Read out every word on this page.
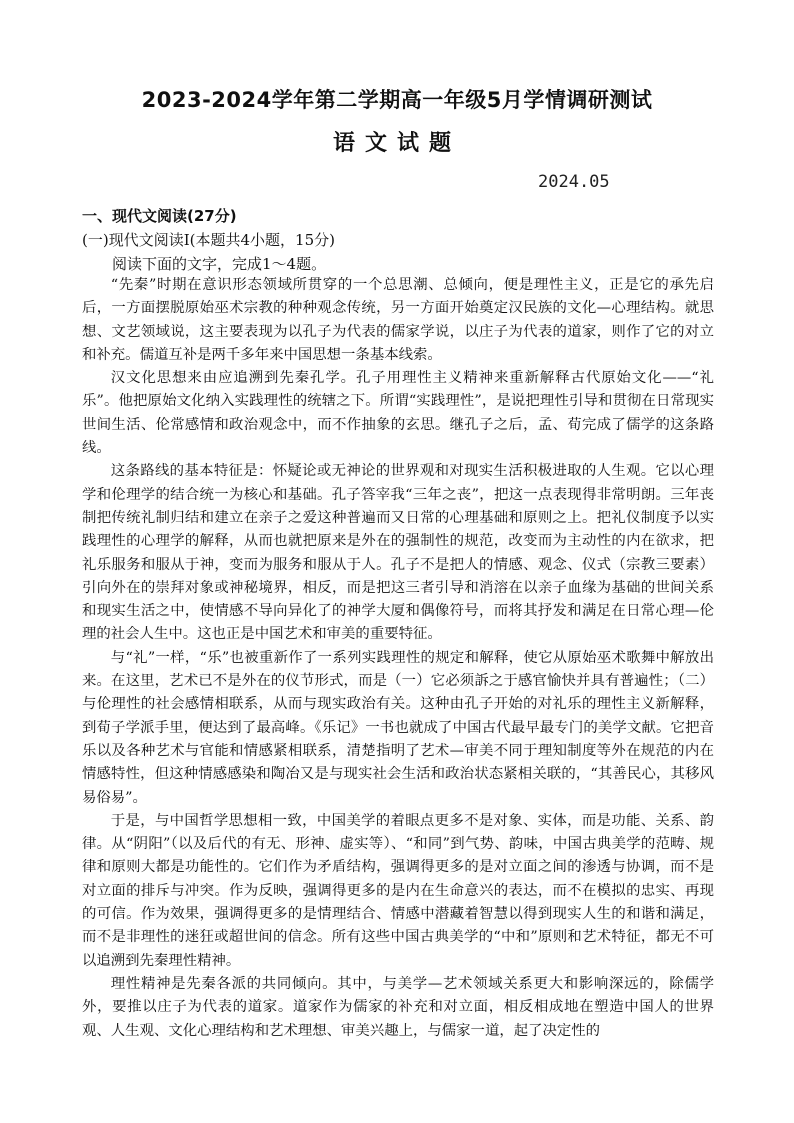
2023-2024学年第二学期高一年级5月学情调研测试
语文试题
2024.05
一、现代文阅读(27分)
(一)现代文阅读Ⅰ(本题共4小题，15分)
阅读下面的文字，完成1～4题。

“先秦”时期在意识形态领域所贯穿的一个总思潮、总倾向，便是理性主义，正是它的承先启后，一方面摆脱原始巫术宗教的种种观念传统，另一方面开始奠定汉民族的文化—心理结构。就思想、文艺领域说，这主要表现为以孔子为代表的儒家学说，以庄子为代表的道家，则作了它的对立和补充。儒道互补是两千多年来中国思想一条基本线索。

汉文化思想来由应追溯到先秦孔学。孔子用理性主义精神来重新解释古代原始文化——“礼乐”。他把原始文化纳入实践理性的统辖之下。所谓“实践理性”，是说把理性引导和贯彻在日常现实世间生活、伦常感情和政治观念中，而不作抽象的玄思。继孔子之后，孟、荀完成了儒学的这条路线。

这条路线的基本特征是：怀疑论或无神论的世界观和对现实生活积极进取的人生观。它以心理学和伦理学的结合统一为核心和基础。孔子答宰我“三年之丧”，把这一点表现得非常明朗。三年丧制把传统礼制归结和建立在亲子之爱这种普遍而又日常的心理基础和原则之上。把礼仪制度予以实践理性的心理学的解释，从而也就把原来是外在的强制性的规范，改变而为主动性的内在欲求，把礼乐服务和服从于神，变而为服务和服从于人。孔子不是把人的情感、观念、仪式（宗教三要素）引向外在的崇拜对象或神秘境界，相反，而是把这三者引导和消溶在以亲子血缘为基础的世间关系和现实生活之中，使情感不导向异化了的神学大厦和偶像符号，而将其抒发和满足在日常心理—伦理的社会人生中。这也正是中国艺术和审美的重要特征。

与“礼”一样，“乐”也被重新作了一系列实践理性的规定和解释，使它从原始巫术歌舞中解放出来。在这里，艺术已不是外在的仪节形式，而是（一）它必须訴之于感官愉快并具有普遍性；（二）与伦理性的社会感情相联系，从而与现实政治有关。这种由孔子开始的对礼乐的理性主义新解释，到荀子学派手里，便达到了最高峰。《乐记》一书也就成了中国古代最早最专门的美学文献。它把音乐以及各种艺术与官能和情感紧相联系，清楚指明了艺术—审美不同于理知制度等外在规范的内在情感特性，但这种情感感染和陶冶又是与现实社会生活和政治状态紧相关联的，“其善民心，其移风易俗易”。

于是，与中国哲学思想相一致，中国美学的着眼点更多不是对象、实体，而是功能、关系、韵律。从“阴阳”（以及后代的有无、形神、虚实等）、“和同”到气势、韵味，中国古典美学的范畴、规律和原则大都是功能性的。它们作为矛盾结构，强调得更多的是对立面之间的渗透与协调，而不是对立面的排斥与冲突。作为反映，强调得更多的是内在生命意兴的表达，而不在模拟的忠实、再现的可信。作为效果，强调得更多的是情理结合、情感中潜藏着智慧以得到现实人生的和谐和满足，而不是非理性的迷狂或超世间的信念。所有这些中国古典美学的“中和”原则和艺术特征，都无不可以追溯到先秦理性精神。

理性精神是先秦各派的共同倾向。其中，与美学—艺术领域关系更大和影响深远的，除儒学外，要推以庄子为代表的道家。道家作为儒家的补充和对立面，相反相成地在塑造中国人的世界观、人生观、文化心理结构和艺术理想、审美兴趣上，与儒家一道，起了决定性的
